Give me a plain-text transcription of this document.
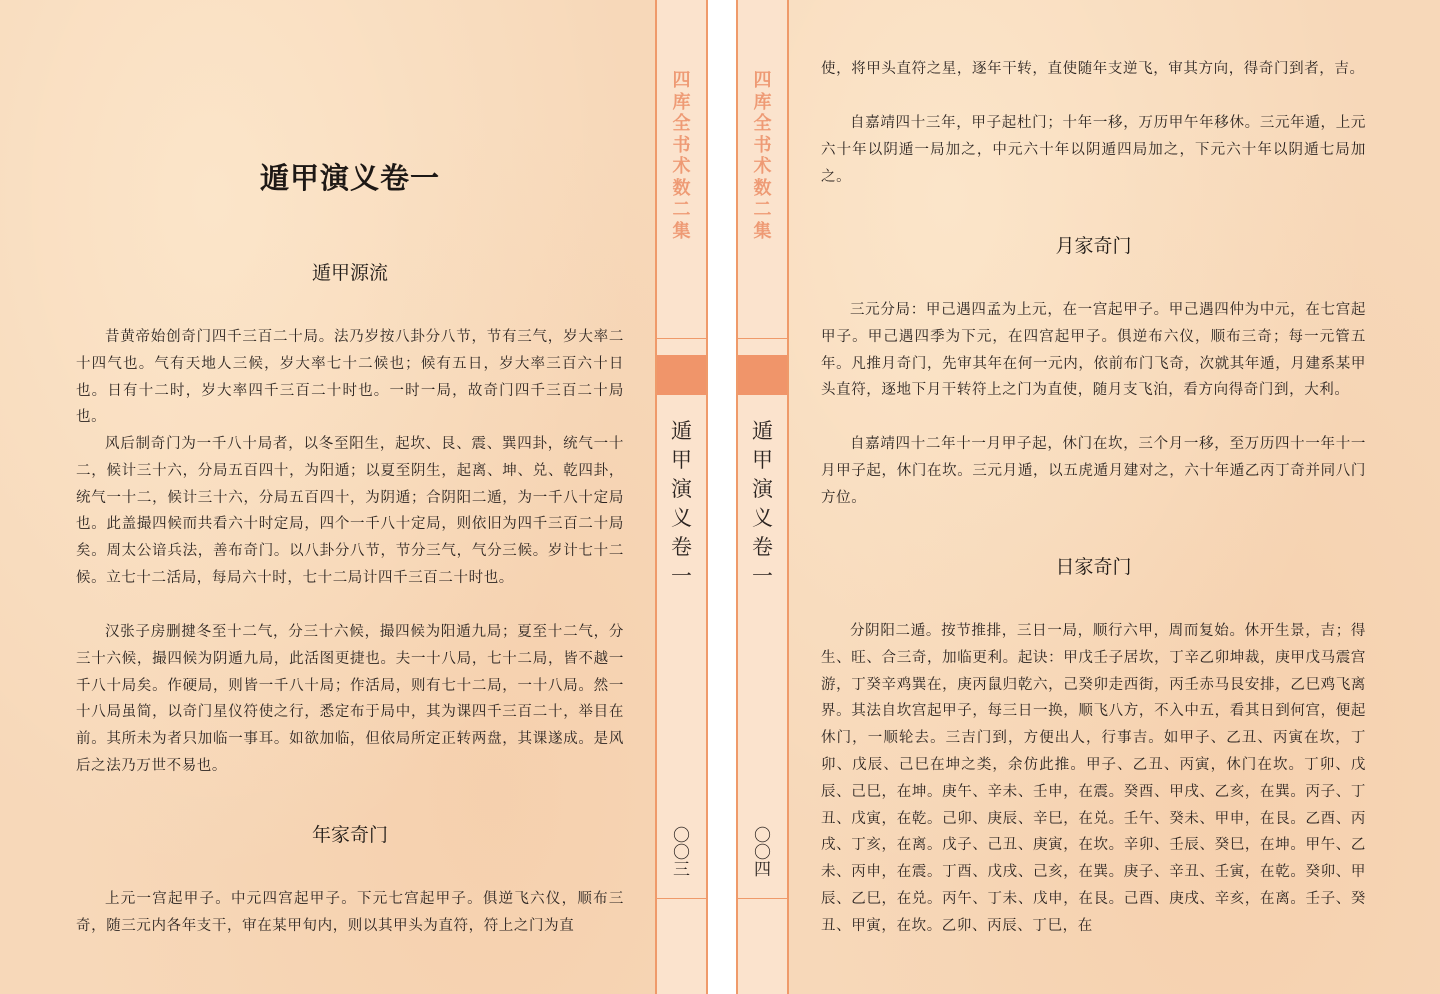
遁甲演义卷一
遁甲源流

昔黄帝始创奇门四千三百二十局。法乃岁按八卦分八节，节有三气，岁大率二十四气也。气有天地人三候，岁大率七十二候也；候有五日，岁大率三百六十日也。日有十二时，岁大率四千三百二十时也。一时一局，故奇门四千三百二十局也。

风后制奇门为一千八十局者，以冬至阳生，起坎、艮、震、巽四卦，统气一十二，候计三十六，分局五百四十，为阳遁；以夏至阴生，起离、坤、兑、乾四卦，统气一十二，候计三十六，分局五百四十，为阴遁；合阴阳二遁，为一千八十定局也。此盖撮四候而共看六十时定局，四个一千八十定局，则依旧为四千三百二十局矣。周太公谙兵法，善布奇门。以八卦分八节，节分三气，气分三候。岁计七十二候。立七十二活局，每局六十时，七十二局计四千三百二十时也。

汉张子房删揵冬至十二气，分三十六候，撮四候为阳遁九局；夏至十二气，分三十六候，撮四候为阴遁九局，此活图更捷也。夫一十八局，七十二局，皆不越一千八十局矣。作硬局，则皆一千八十局；作活局，则有七十二局，一十八局。然一十八局虽简，以奇门星仪符使之行，悉定布于局中，其为课四千三百二十，举目在前。其所未为者只加临一事耳。如欲加临，但依局所定正转两盘，其课遂成。是风后之法乃万世不易也。

年家奇门

上元一宫起甲子。中元四宫起甲子。下元七宫起甲子。俱逆飞六仪，顺布三奇，随三元内各年支干，审在某甲旬内，则以其甲头为直符，符上之门为直

四库全书术数二集
遁甲演义卷一
〇〇三
四库全书术数二集
遁甲演义卷一
〇〇四

使，将甲头直符之星，逐年干转，直使随年支逆飞，审其方向，得奇门到者，吉。

自嘉靖四十三年，甲子起杜门；十年一移，万历甲午年移休。三元年遁，上元六十年以阴遁一局加之，中元六十年以阴遁四局加之，下元六十年以阴遁七局加之。

月家奇门

三元分局：甲己遇四孟为上元，在一宫起甲子。甲己遇四仲为中元，在七宫起甲子。甲己遇四季为下元，在四宫起甲子。俱逆布六仪，顺布三奇；每一元管五年。凡推月奇门，先审其年在何一元内，依前布门飞奇，次就其年遁，月建系某甲头直符，逐地下月干转符上之门为直使，随月支飞泊，看方向得奇门到，大利。

自嘉靖四十二年十一月甲子起，休门在坎，三个月一移，至万历四十一年十一月甲子起，休门在坎。三元月遁，以五虎遁月建对之，六十年遁乙丙丁奇并同八门方位。

日家奇门

分阴阳二遁。按节推排，三日一局，顺行六甲，周而复始。休开生景，吉；得生、旺、合三奇，加临更利。起诀：甲戊壬子居坎，丁辛乙卯坤裁，庚甲戊马震宫游，丁癸辛鸡巽在，庚丙鼠归乾六，己癸卯走西街，丙壬赤马艮安排，乙巳鸡飞离界。其法自坎宫起甲子，每三日一换，顺飞八方，不入中五，看其日到何宫，便起休门，一顺轮去。三吉门到，方便出人，行事吉。如甲子、乙丑、丙寅在坎，丁卯、戊辰、己巳在坤之类，余仿此推。甲子、乙丑、丙寅，休门在坎。丁卯、戊辰、己巳，在坤。庚午、辛未、壬申，在震。癸酉、甲戌、乙亥，在巽。丙子、丁丑、戊寅，在乾。己卯、庚辰、辛巳，在兑。壬午、癸未、甲申，在艮。乙酉、丙戌、丁亥，在离。戊子、己丑、庚寅，在坎。辛卯、壬辰、癸巳，在坤。甲午、乙未、丙申，在震。丁酉、戊戌、己亥，在巽。庚子、辛丑、壬寅，在乾。癸卯、甲辰、乙巳，在兑。丙午、丁未、戊申，在艮。己酉、庚戌、辛亥，在离。壬子、癸丑、甲寅，在坎。乙卯、丙辰、丁巳，在
